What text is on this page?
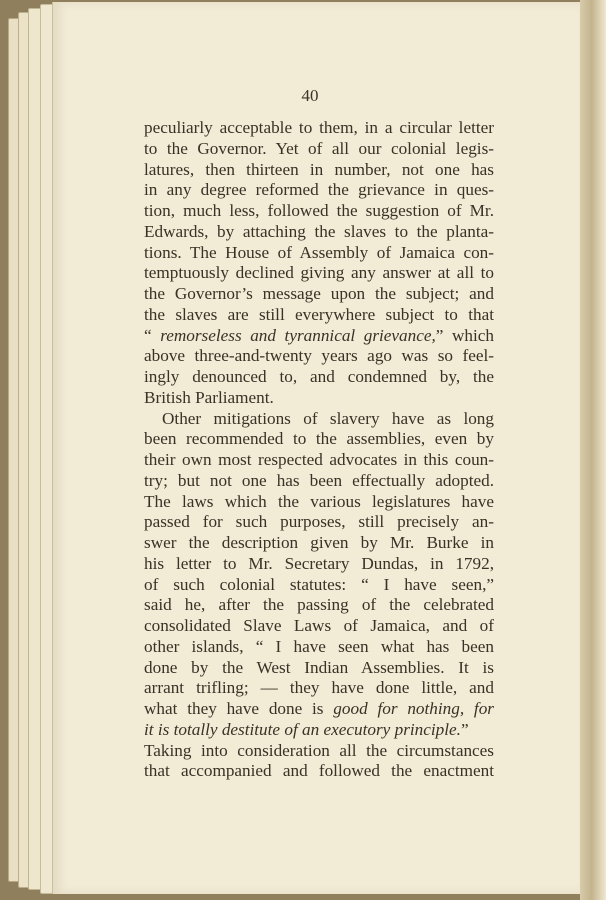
40
peculiarly acceptable to them, in a circular letter
to the Governor. Yet of all our colonial legis-
latures, then thirteen in number, not one has
in any degree reformed the grievance in ques-
tion, much less, followed the suggestion of Mr.
Edwards, by attaching the slaves to the planta-
tions. The House of Assembly of Jamaica con-
temptuously declined giving any answer at all to
the Governor’s message upon the subject; and
the slaves are still everywhere subject to that
“ remorseless and tyrannical grievance,” which
above three-and-twenty years ago was so feel-
ingly denounced to, and condemned by, the
British Parliament.
Other mitigations of slavery have as long
been recommended to the assemblies, even by
their own most respected advocates in this coun-
try; but not one has been effectually adopted.
The laws which the various legislatures have
passed for such purposes, still precisely an-
swer the description given by Mr. Burke in
his letter to Mr. Secretary Dundas, in 1792,
of such colonial statutes: “ I have seen,”
said he, after the passing of the celebrated
consolidated Slave Laws of Jamaica, and of
other islands, “ I have seen what has been
done by the West Indian Assemblies. It is
arrant trifling; — they have done little, and
what they have done is good for nothing, for
it is totally destitute of an executory principle.”
Taking into consideration all the circumstances
that accompanied and followed the enactment
